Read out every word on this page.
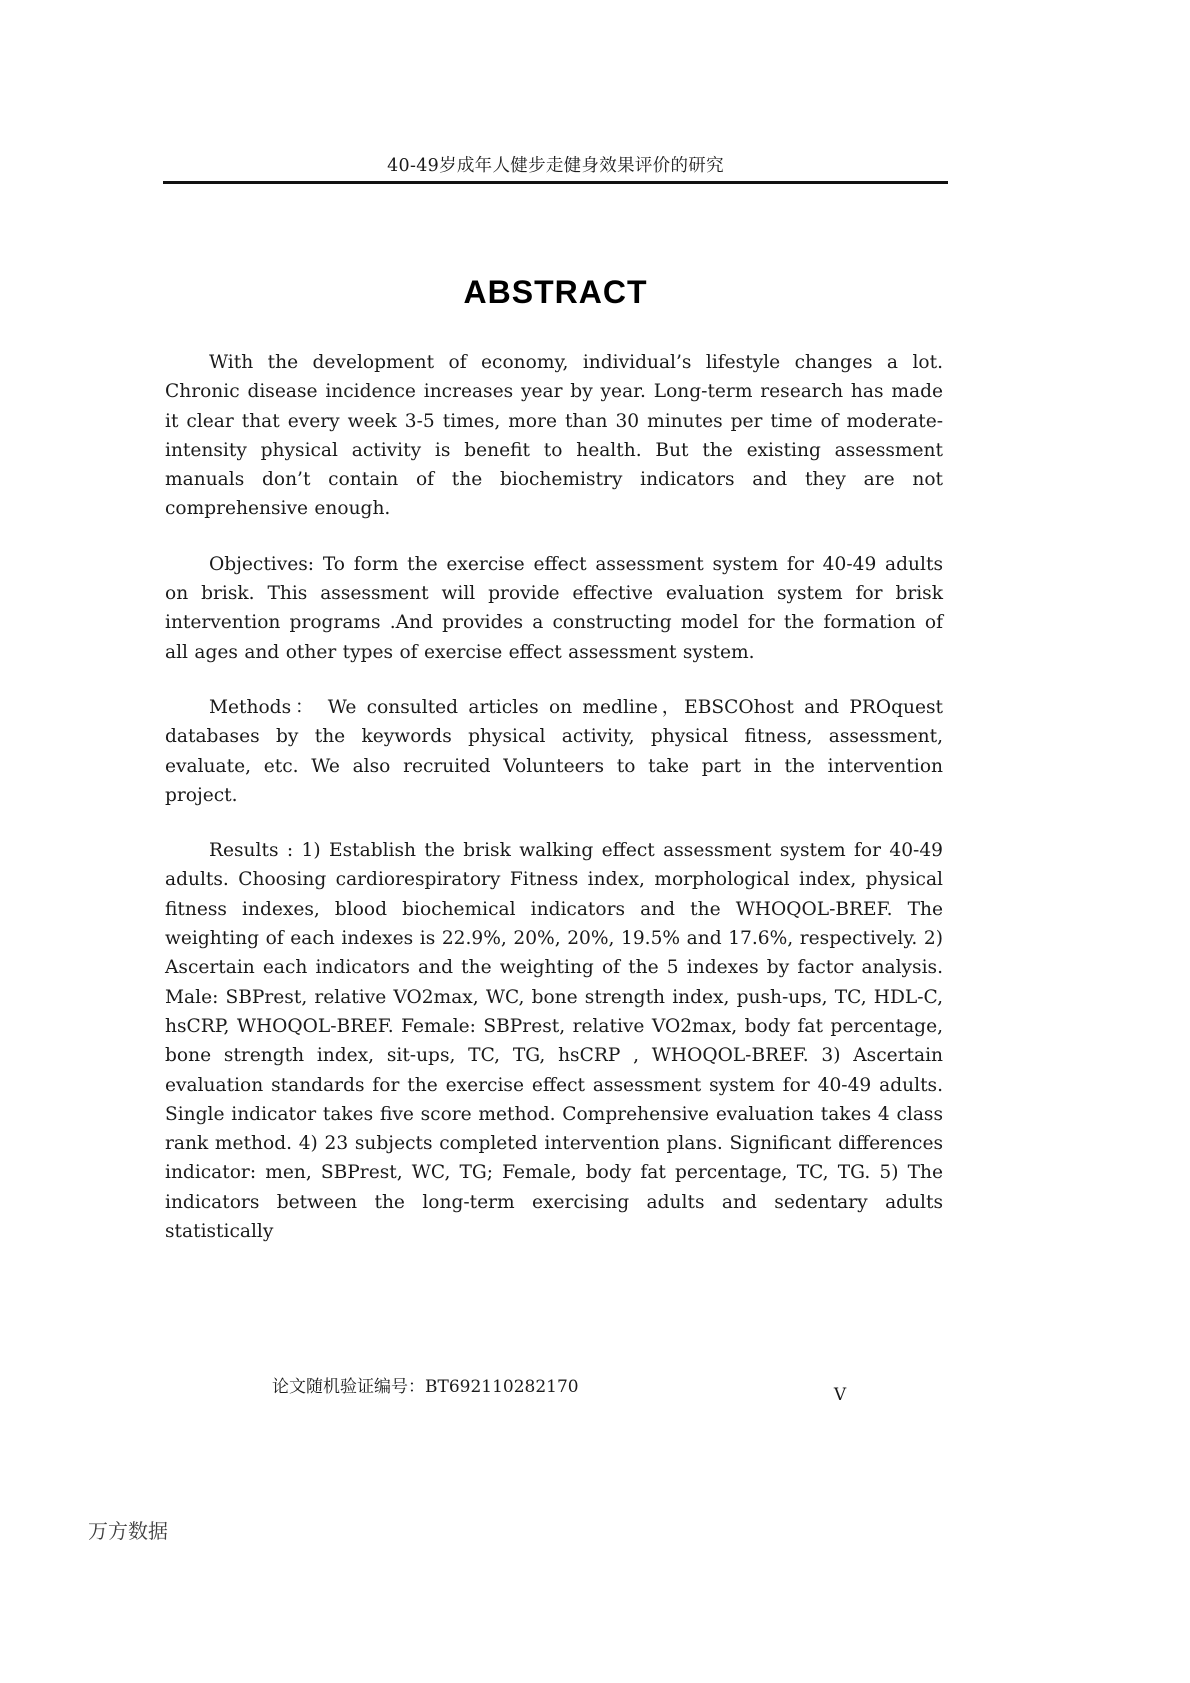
40-49岁成年人健步走健身效果评价的研究
ABSTRACT

With the development of economy, individual’s lifestyle changes a lot. Chronic disease incidence increases year by year. Long-term research has made it clear that every week 3-5 times, more than 30 minutes per time of moderate-intensity physical activity is benefit to health. But the existing assessment manuals don’t contain of the biochemistry indicators and they are not comprehensive enough.

Objectives: To form the exercise effect assessment system for 40-49 adults on brisk. This assessment will provide effective evaluation system for brisk intervention programs .And provides a constructing model for the formation of all ages and other types of exercise effect assessment system.

Methods： We consulted articles on medline，EBSCOhost and PROquest databases by the keywords physical activity, physical fitness, assessment, evaluate, etc. We also recruited Volunteers to take part in the intervention project.

Results : 1) Establish the brisk walking effect assessment system for 40-49 adults. Choosing cardiorespiratory Fitness index, morphological index, physical fitness indexes, blood biochemical indicators and the WHOQOL-BREF. The weighting of each indexes is 22.9%, 20%, 20%, 19.5% and 17.6%, respectively. 2) Ascertain each indicators and the weighting of the 5 indexes by factor analysis. Male: SBPrest, relative VO2max, WC, bone strength index, push-ups, TC, HDL-C, hsCRP, WHOQOL-BREF. Female: SBPrest, relative VO2max, body fat percentage, bone strength index, sit-ups, TC, TG, hsCRP , WHOQOL-BREF. 3) Ascertain evaluation standards for the exercise effect assessment system for 40-49 adults. Single indicator takes five score method. Comprehensive evaluation takes 4 class rank method. 4) 23 subjects completed intervention plans. Significant differences indicator: men, SBPrest, WC, TG; Female, body fat percentage, TC, TG. 5) The indicators between the long-term exercising adults and sedentary adults statistically

论文随机验证编号：BT692110282170	V
万方数据
